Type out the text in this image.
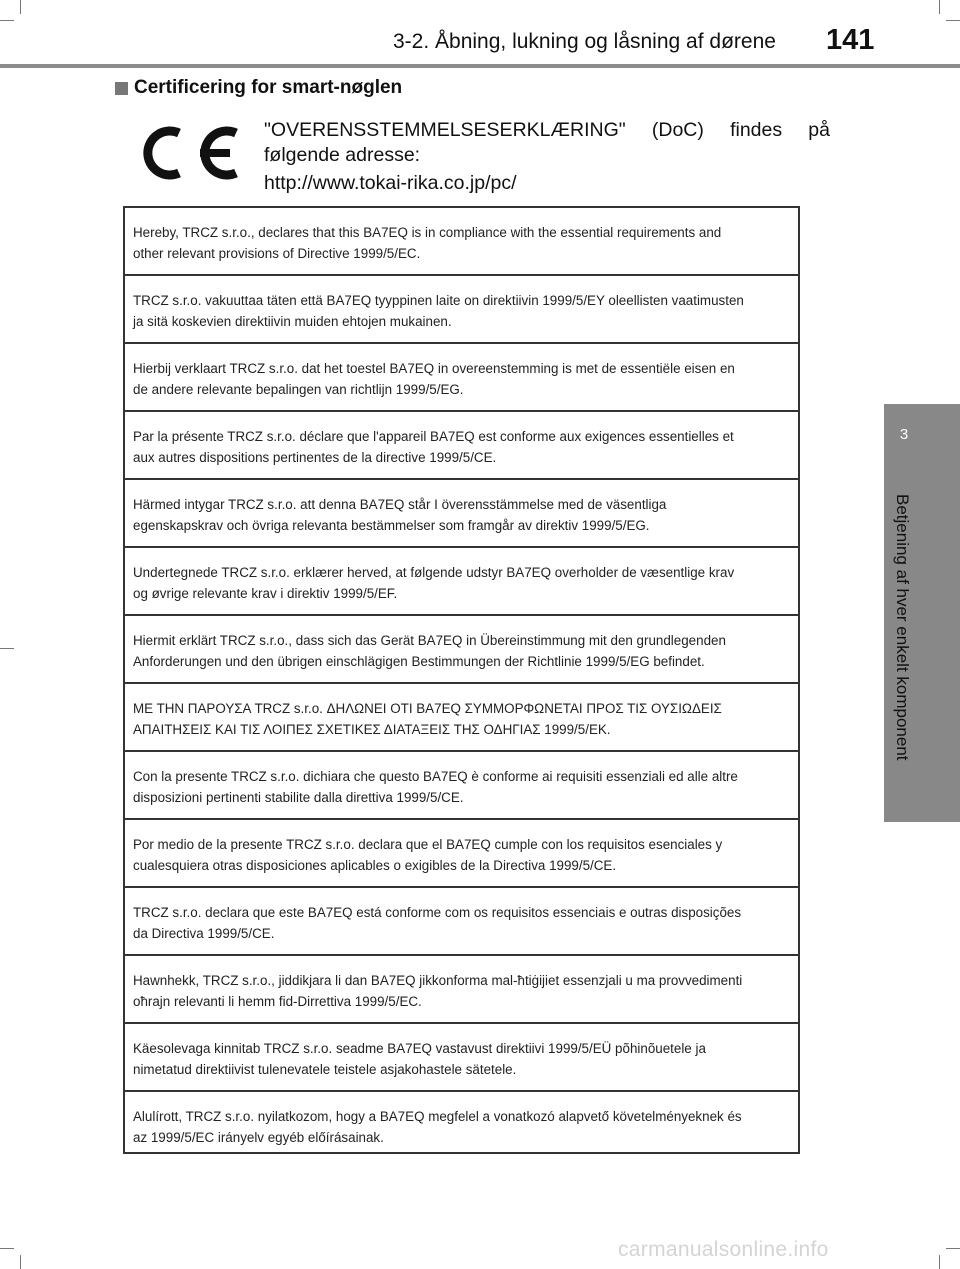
3-2. Åbning, lukning og låsning af dørene 141
Certificering for smart-nøglen
"OVERENSSTEMMELSESERKLÆRING" (DoC) findes på
følgende adresse:
http://www.tokai-rika.co.jp/pc/
3
Betjening af hver enkelt komponent
Hereby, TRCZ s.r.o., declares that this BA7EQ is in compliance with the essential requirements and other relevant provisions of Directive 1999/5/EC.
TRCZ s.r.o. vakuuttaa täten että BA7EQ tyyppinen laite on direktiivin 1999/5/EY oleellisten vaatimusten ja sitä koskevien direktiivin muiden ehtojen mukainen.
Hierbij verklaart TRCZ s.r.o. dat het toestel BA7EQ in overeenstemming is met de essentiële eisen en de andere relevante bepalingen van richtlijn 1999/5/EG.
Par la présente TRCZ s.r.o. déclare que l'appareil BA7EQ est conforme aux exigences essentielles et aux autres dispositions pertinentes de la directive 1999/5/CE.
Härmed intygar TRCZ s.r.o. att denna BA7EQ står I överensstämmelse med de väsentliga egenskapskrav och övriga relevanta bestämmelser som framgår av direktiv 1999/5/EG.
Undertegnede TRCZ s.r.o. erklærer herved, at følgende udstyr BA7EQ overholder de væsentlige krav og øvrige relevante krav i direktiv 1999/5/EF.
Hiermit erklärt TRCZ s.r.o., dass sich das Gerät BA7EQ in Übereinstimmung mit den grundlegenden Anforderungen und den übrigen einschlägigen Bestimmungen der Richtlinie 1999/5/EG befindet.
ΜΕ ΤΗΝ ΠΑΡΟΥΣΑ TRCZ s.r.o. ΔΗΛΩΝΕΙ ΟΤΙ BA7EQ ΣΥΜΜΟΡΦΩΝΕΤΑΙ ΠΡΟΣ ΤΙΣ ΟΥΣΙΩΔΕΙΣ ΑΠΑΙΤΗΣΕΙΣ ΚΑΙ ΤΙΣ ΛΟΙΠΕΣ ΣΧΕΤΙΚΕΣ ΔΙΑΤΑΞΕΙΣ ΤΗΣ ΟΔΗΓΙΑΣ 1999/5/ΕΚ.
Con la presente TRCZ s.r.o. dichiara che questo BA7EQ è conforme ai requisiti essenziali ed alle altre disposizioni pertinenti stabilite dalla direttiva 1999/5/CE.
Por medio de la presente TRCZ s.r.o. declara que el BA7EQ cumple con los requisitos esenciales y cualesquiera otras disposiciones aplicables o exigibles de la Directiva 1999/5/CE.
TRCZ s.r.o. declara que este BA7EQ está conforme com os requisitos essenciais e outras disposições da Directiva 1999/5/CE.
Hawnhekk, TRCZ s.r.o., jiddikjara li dan BA7EQ jikkonforma mal-ħtiġijiet essenzjali u ma provvedimenti oħrajn relevanti li hemm fid-Dirrettiva 1999/5/EC.
Käesolevaga kinnitab TRCZ s.r.o. seadme BA7EQ vastavust direktiivi 1999/5/EÜ põhinõuetele ja nimetatud direktiivist tulenevatele teistele asjakohastele sätetele.
Alulírott, TRCZ s.r.o. nyilatkozom, hogy a BA7EQ megfelel a vonatkozó alapvető követelményeknek és az 1999/5/EC irányelv egyéb előírásainak.
carmanualsonline.info
